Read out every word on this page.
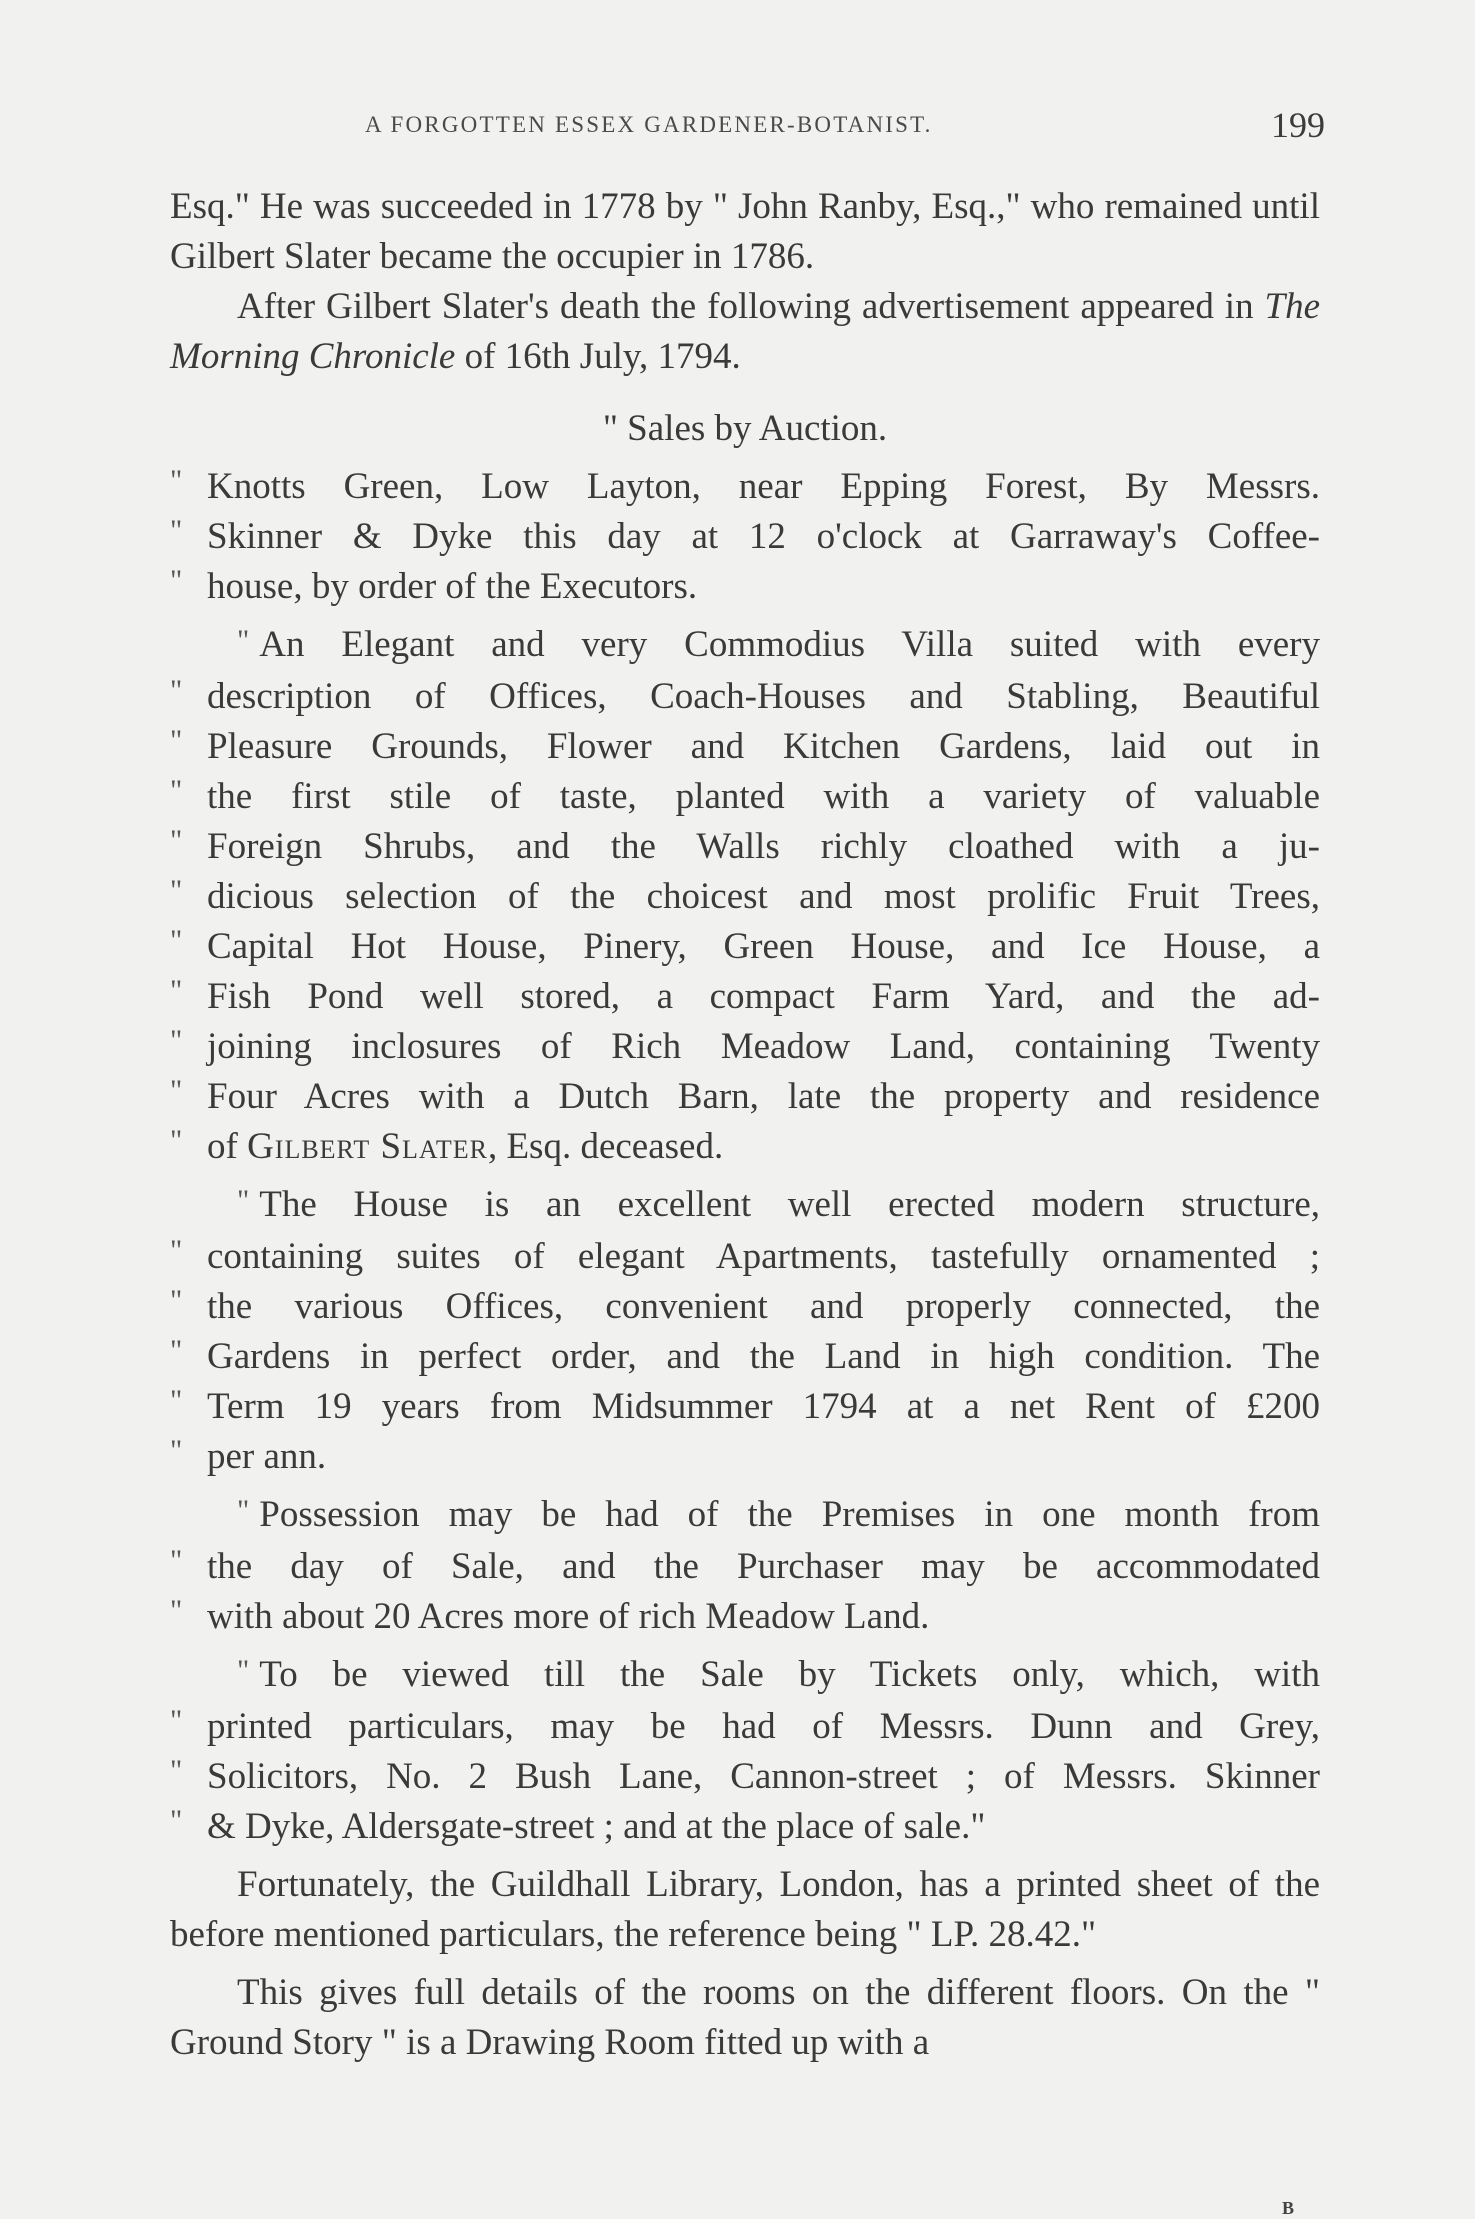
A FORGOTTEN ESSEX GARDENER-BOTANIST.	199

Esq." He was succeeded in 1778 by " John Ranby, Esq.," who remained until Gilbert Slater became the occupier in 1786.

After Gilbert Slater's death the following advertisement appeared in The Morning Chronicle of 16th July, 1794.

" Sales by Auction.

" Knotts Green, Low Layton, near Epping Forest, By Messrs.

" Skinner & Dyke this day at 12 o'clock at Garraway's Coffee-

" house, by order of the Executors.

" An Elegant and very Commodius Villa suited with every

" description of Offices, Coach-Houses and Stabling, Beautiful

" Pleasure Grounds, Flower and Kitchen Gardens, laid out in

" the first stile of taste, planted with a variety of valuable

" Foreign Shrubs, and the Walls richly cloathed with a ju-

" dicious selection of the choicest and most prolific Fruit Trees,

" Capital Hot House, Pinery, Green House, and Ice House, a

" Fish Pond well stored, a compact Farm Yard, and the ad-

" joining inclosures of Rich Meadow Land, containing Twenty

" Four Acres with a Dutch Barn, late the property and residence

" of Gilbert Slater, Esq. deceased.

" The House is an excellent well erected modern structure,

" containing suites of elegant Apartments, tastefully ornamented ;

" the various Offices, convenient and properly connected, the

" Gardens in perfect order, and the Land in high condition. The

" Term 19 years from Midsummer 1794 at a net Rent of £200

" per ann.

" Possession may be had of the Premises in one month from

" the day of Sale, and the Purchaser may be accommodated

" with about 20 Acres more of rich Meadow Land.

" To be viewed till the Sale by Tickets only, which, with

" printed particulars, may be had of Messrs. Dunn and Grey,

" Solicitors, No. 2 Bush Lane, Cannon-street ; of Messrs. Skinner

" & Dyke, Aldersgate-street ; and at the place of sale."

Fortunately, the Guildhall Library, London, has a printed sheet of the before mentioned particulars, the reference being " LP. 28.42."

This gives full details of the rooms on the different floors. On the " Ground Story " is a Drawing Room fitted up with a

B
